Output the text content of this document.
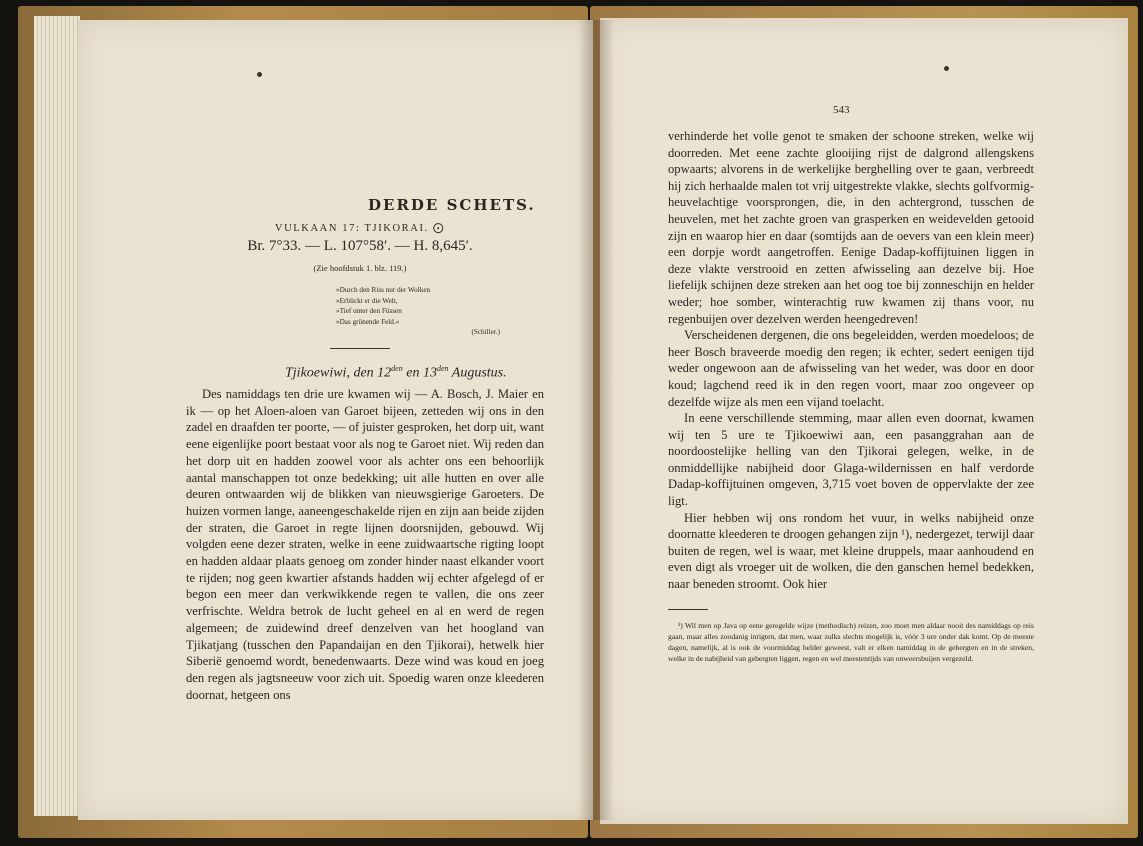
VULKAAN 17: TJIKORAI. ⨀
Br. 7°33. — L. 107°58′. — H. 8,645′.
(Zie hoofdstuk 1. blz. 119.)
»Durch den Riss nur der Wolken
»Erblickt er die Welt,
»Tief unter den Füssen
»Das grünende Feld.«
(Schiller.)
Tjikoewiwi, den $12^{den}$ en $13^{den}$ Augustus.

Des namiddags ten drie ure kwamen wij — A. Bosch, J. Maier en ik — op het Aloen-aloen van Garoet bijeen, zetteden wij ons in den zadel en draafden ter poorte, — of juister gesproken, het dorp uit, want eene eigenlijke poort bestaat voor als nog te Garoet niet. Wij reden dan het dorp uit en hadden zoowel voor als achter ons een behoorlijk aantal manschappen tot onze bedekking; uit alle hutten en over alle deuren ontwaarden wij de blikken van nieuwsgierige Garoeters. De huizen vormen lange, aaneengeschakelde rijen en zijn aan beide zijden der straten, die Garoet in regte lijnen doorsnijden, gebouwd. Wij volgden eene dezer straten, welke in eene zuidwaartsche rigting loopt en hadden aldaar plaats genoeg om zonder hinder naast elkander voort te rijden; nog geen kwartier afstands hadden wij echter afgelegd of er begon een meer dan verkwikkende regen te vallen, die ons zeer verfrischte. Weldra betrok de lucht geheel en al en werd de regen algemeen; de zuidewind dreef denzelven van het hoogland van Tjikatjang (tusschen den Papandaijan en den Tjikorai), hetwelk hier Siberië genoemd wordt, benedenwaarts. Deze wind was koud en joeg den regen als jagtsneeuw voor zich uit. Spoedig waren onze kleederen doornat, hetgeen ons

543

verhinderde het volle genot te smaken der schoone streken, welke wij doorreden. Met eene zachte glooijing rijst de dalgrond allengskens opwaarts; alvorens in de werkelijke berghelling over te gaan, verbreedt hij zich herhaalde malen tot vrij uitgestrekte vlakke, slechts golfvormig-heuvelachtige voorsprongen, die, in den achtergrond, tusschen de heuvelen, met het zachte groen van grasperken en weidevelden getooid zijn en waarop hier en daar (somtijds aan de oevers van een klein meer) een dorpje wordt aangetroffen. Eenige Dadap-koffijtuinen liggen in deze vlakte verstrooid en zetten afwisseling aan dezelve bij. Hoe liefelijk schijnen deze streken aan het oog toe bij zonneschijn en helder weder; hoe somber, winterachtig ruw kwamen zij thans voor, nu regenbuijen over dezelven werden heengedreven!

Verscheidenen dergenen, die ons begeleidden, werden moedeloos; de heer Bosch braveerde moedig den regen; ik echter, sedert eenigen tijd weder ongewoon aan de afwisseling van het weder, was door en door koud; lagchend reed ik in den regen voort, maar zoo ongeveer op dezelfde wijze als men een vijand toelacht.

In eene verschillende stemming, maar allen even doornat, kwamen wij ten 5 ure te Tjikoewiwi aan, een pasanggrahan aan de noordoostelijke helling van den Tjikorai gelegen, welke, in de onmiddellijke nabijheid door Glaga-wildernissen en half verdorde Dadap-koffijtuinen omgeven, 3,715 voet boven de oppervlakte der zee ligt.

Hier hebben wij ons rondom het vuur, in welks nabijheid onze doornatte kleederen te droogen gehangen zijn ¹), nedergezet, terwijl daar buiten de regen, wel is waar, met kleine druppels, maar aanhoudend en even digt als vroeger uit de wolken, die den ganschen hemel bedekken, naar beneden stroomt. Ook hier

¹) Wil men op Java op eene geregelde wijze (methodisch) reizen, zoo moet men aldaar nooit des namiddags op reis gaan, maar alles zoodanig inrigten, dat men, waar zulks slechts mogelijk is, vóór 3 ure onder dak komt. Op de meeste dagen, namelijk, al is ook de voormiddag helder geweest, valt er elken namiddag in de gebergten en in de streken, welke in de nabijheid van gebergten liggen, regen en wel meestentijds van onweersbuijen vergezeld.
